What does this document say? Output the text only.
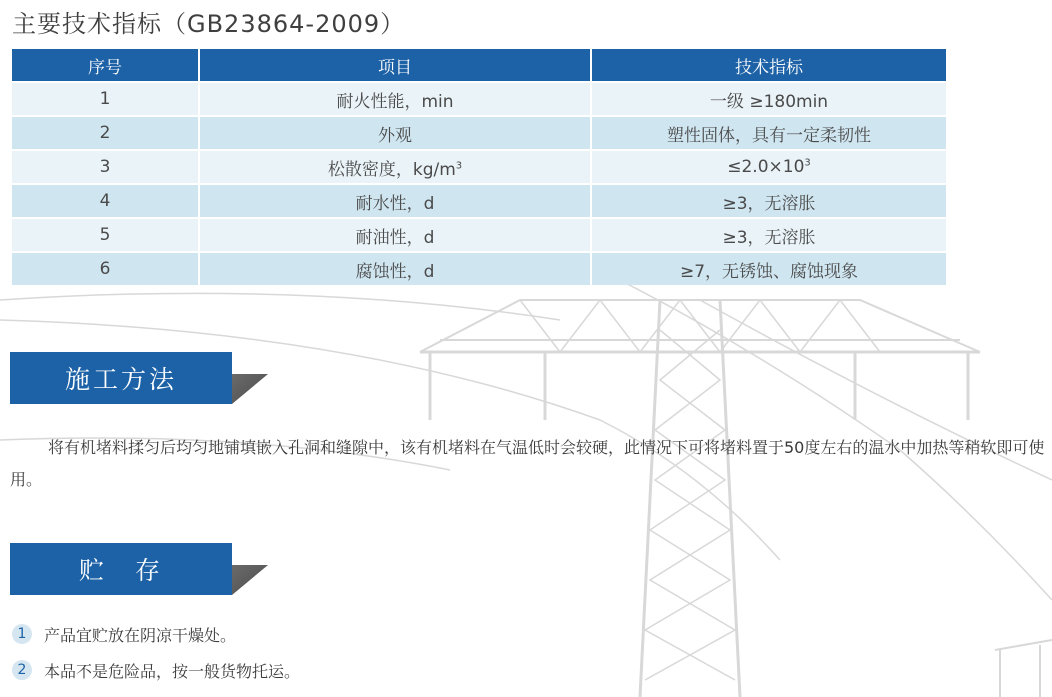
主要技术指标（GB23864-2009）
序号	项目	技术指标
1	耐火性能，min	一级 ≥180min
2	外观	塑性固体，具有一定柔韧性
3	松散密度，$kg/m^3$	$\le 2.0\times 10^3$
4	耐水性，d	≥3，无溶胀
5	耐油性，d	≥3，无溶胀
6	腐蚀性，d	≥7，无锈蚀、腐蚀现象
施工方法
将有机堵料揉匀后均匀地铺填嵌入孔洞和缝隙中，该有机堵料在气温低时会较硬，此情况下可将堵料置于50度左右的温水中加热等稍软即可使用。
贮　存
1	产品宜贮放在阴凉干燥处。
2	本品不是危险品，按一般货物托运。
